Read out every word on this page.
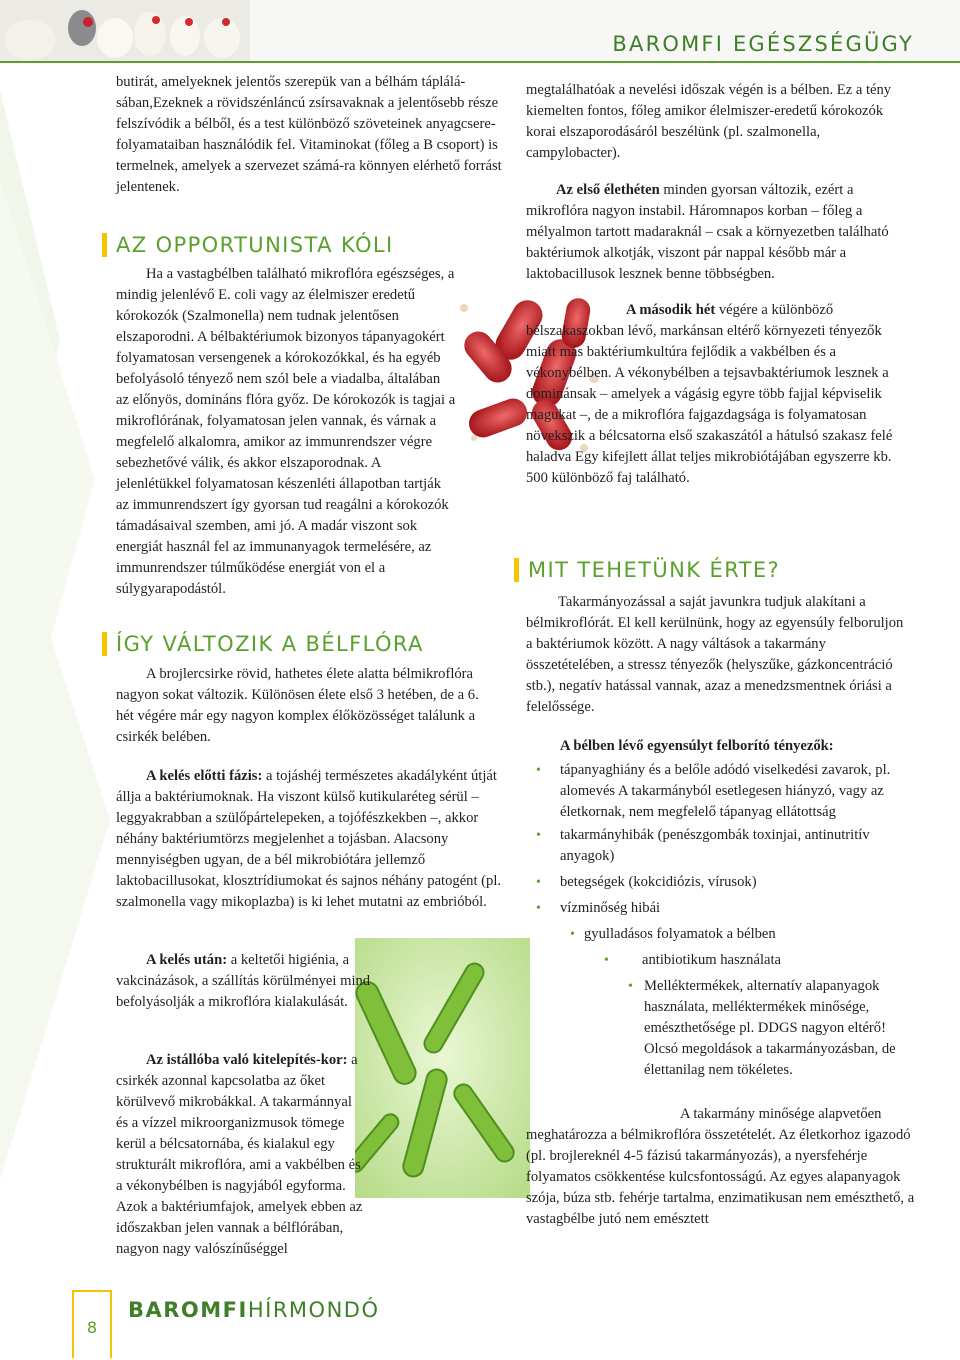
BAROMFI EGÉSZSÉGÜGY

butirát, amelyeknek jelentős szerepük van a bélhám táplálá-sában,Ezeknek a rövidszénláncú zsírsavaknak a jelentősebb része felszívódik a bélből, és a test különböző szöveteinek anyagcsere-folyamataiban használódik fel. Vitaminokat (főleg a B csoport) is termelnek, amelyek a szervezet számá-ra könnyen elérhető forrást jelentenek.

AZ OPPORTUNISTA KÓLI

Ha a vastagbélben található mikroflóra egészséges, a mindig jelenlévő E. coli vagy az élelmiszer eredetű kórokozók (Szalmonella) nem tudnak jelentősen elszaporodni. A bélbaktériumok bizonyos tápanyagokért folyamatosan versengenek a kórokozókkal, és ha egyéb befolyásoló tényező nem szól bele a viadalba, általában az előnyös, domináns flóra győz. De kórokozók is tagjai a mikroflórának, folyamatosan jelen vannak, és várnak a megfelelő alkalomra, amikor az immunrendszer végre sebezhetővé válik, és akkor elszaporodnak. A jelenlétükkel folyamatosan készenléti állapotban tartják az immunrendszert így gyorsan tud reagálni a kórokozók támadásaival szemben, ami jó. A madár viszont sok energiát használ fel az immunanyagok termelésére, az immunrendszer túlműködése energiát von el a súlygyarapodástól.

ÍGY VÁLTOZIK A BÉLFLÓRA

A brojlercsirke rövid, hathetes élete alatta bélmikroflóra nagyon sokat változik. Különösen élete első 3 hetében, de a 6. hét végére már egy nagyon komplex élőközösséget találunk a csirkék belében.

A kelés előtti fázis: a tojáshéj természetes akadályként útját állja a baktériumoknak. Ha viszont külső kutikularéteg sérül – leggyakrabban a szülőpártelepeken, a tojófészkekben –, akkor néhány baktériumtörzs megjelenhet a tojásban. Alacsony mennyiségben ugyan, de a bél mikrobiótára jellemző laktobacillusokat, klosztrídiumokat és sajnos néhány patogént (pl. szalmonella vagy mikoplazba) is ki lehet mutatni az embrióból.

A kelés után: a keltetői higiénia, a vakcinázások, a szállítás körülményei mind befolyásolják a mikroflóra kialakulását.

Az istállóba való kitelepítés-kor: a csirkék azonnal kapcsolatba az őket körülvevő mikrobákkal. A takarmánnyal és a vízzel mikroorganizmusok tömege kerül a bélcsatornába, és kialakul egy strukturált mikroflóra, ami a vakbélben és a vékonybélben is nagyjából egyforma. Azok a baktériumfajok, amelyek ebben az időszakban jelen vannak a bélflórában, nagyon nagy valószínűséggel

megtalálhatóak a nevelési időszak végén is a bélben. Ez a tény kiemelten fontos, főleg amikor élelmiszer-eredetű kórokozók korai elszaporodásáról beszélünk (pl. szalmonella, campylobacter).

Az első élethéten minden gyorsan változik, ezért a mikroflóra nagyon instabil. Háromnapos korban – főleg a mélyalmon tartott madaraknál – csak a környezetben található baktériumok alkotják, viszont pár nappal később már a laktobacillusok lesznek benne többségben.

A második hét végére a különböző bélszakaszokban lévő, markánsan eltérő környezeti tényezők miatt más baktériumkultúra fejlődik a vakbélben és a vékonybélben. A vékonybélben a tejsavbaktériumok lesznek a dominánsak – amelyek a vágásig egyre több fajjal képviselik magukat –, de a mikroflóra fajgazdagsága is folyamatosan növekszik a bélcsatorna első szakaszától a hátulsó szakasz felé haladva Egy kifejlett állat teljes mikrobiótájában egyszerre kb. 500 különböző faj található.

MIT TEHETÜNK ÉRTE?

Takarmányozással a saját javunkra tudjuk alakítani a bélmikroflórát. El kell kerülnünk, hogy az egyensúly felboruljon a baktériumok között. A nagy váltások a takarmány összetételében, a stressz tényezők (helyszűke, gázkoncentráció stb.), negatív hatással vannak, azaz a menedzsmentnek óriási a felelőssége.

A bélben lévő egyensúlyt felborító tényezők:
• tápanyaghiány és a belőle adódó viselkedési zavarok, pl. alomevés A takarmányból esetlegesen hiányzó, vagy az életkornak, nem megfelelő tápanyag ellátottság
• takarmányhibák (penészgombák toxinjai, antinutritív anyagok)
• betegségek (kokcidiózis, vírusok)
• vízminőség hibái
• gyulladásos folyamatok a bélben
• antibiotikum használata
• Melléktermékek, alternatív alapanyagok használata, melléktermékek minősége, emészthetősége pl. DDGS nagyon eltérő! Olcsó megoldások a takarmányozásban, de élettanilag nem tökéletes.

A takarmány minősége alapvetően meghatározza a bélmikroflóra összetételét. Az életkorhoz igazodó (pl. brojlereknél 4-5 fázisú takarmányozás), a nyersfehérje folyamatos csökkentése kulcsfontosságú. Az egyes alapanyagok szója, búza stb. fehérje tartalma, enzimatikusan nem emészthető, a vastagbélbe jutó nem emésztett

8
BAROMFIHÍRMONDÓ
